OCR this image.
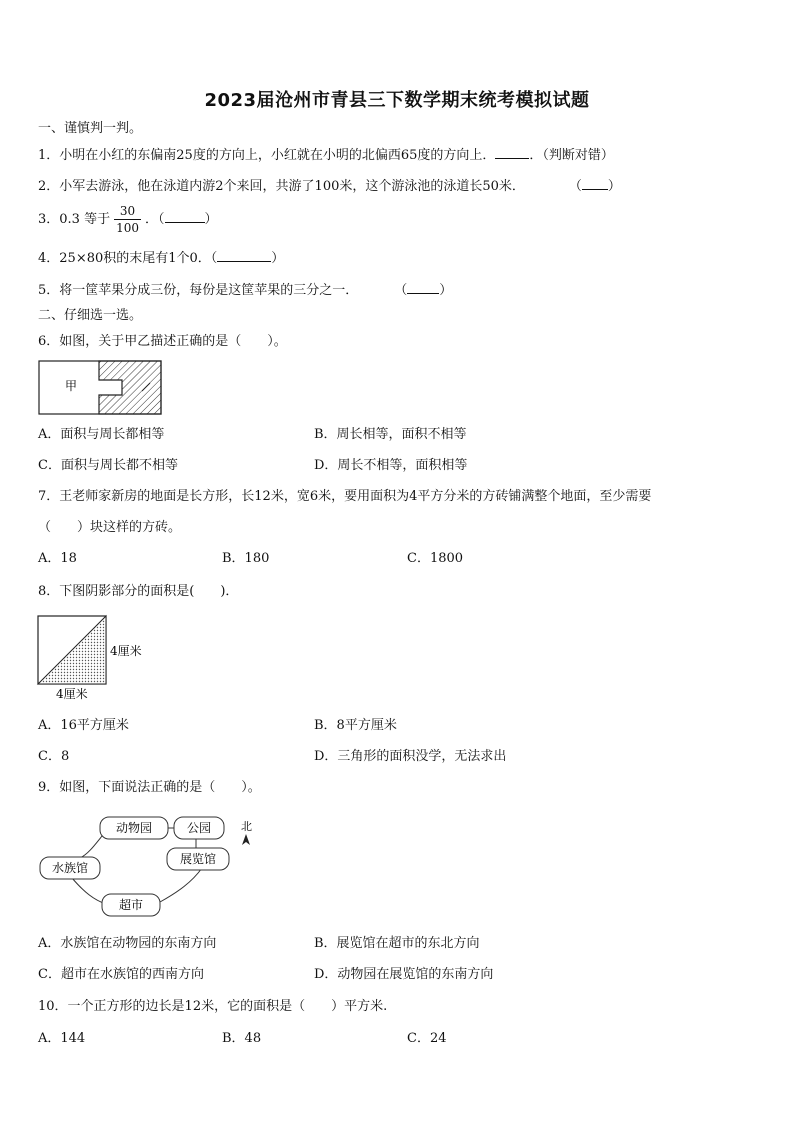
2023届沧州市青县三下数学期末统考模拟试题
一、谨慎判一判。
1．小明在小红的东偏南25度的方向上，小红就在小明的北偏西65度的方向上．	．（判断对错）
2．小军去游泳，他在泳道内游2个来回，共游了100米，这个游泳池的泳道长50米．	（ ）
3．0.3 等于 $\frac{30}{100}$ ．（	）
4．25×80积的末尾有1个0．（	）
5．将一筐苹果分成三份，每份是这筐苹果的三分之一．	（ ）
二、仔细选一选。
6．如图，关于甲乙描述正确的是（　　）。
甲
A．面积与周长都相等	B．周长相等，面积不相等
C．面积与周长都不相等	D．周长不相等，面积相等
7．王老师家新房的地面是长方形，长12米，宽6米，要用面积为4平方分米的方砖铺满整个地面，至少需要
（　　）块这样的方砖。
A．18	B．180	C．1800
8．下图阴影部分的面积是(　　)．
4厘米
4厘米
A．16平方厘米	B．8平方厘米
C．8	D．三角形的面积没学，无法求出
9．如图，下面说法正确的是（　　）。
动物园	公园
展览馆
水族馆
超市
北
A．水族馆在动物园的东南方向	B．展览馆在超市的东北方向
C．超市在水族馆的西南方向	D．动物园在展览馆的东南方向
10．一个正方形的边长是12米，它的面积是（　　）平方米.
A．144	B．48	C．24
